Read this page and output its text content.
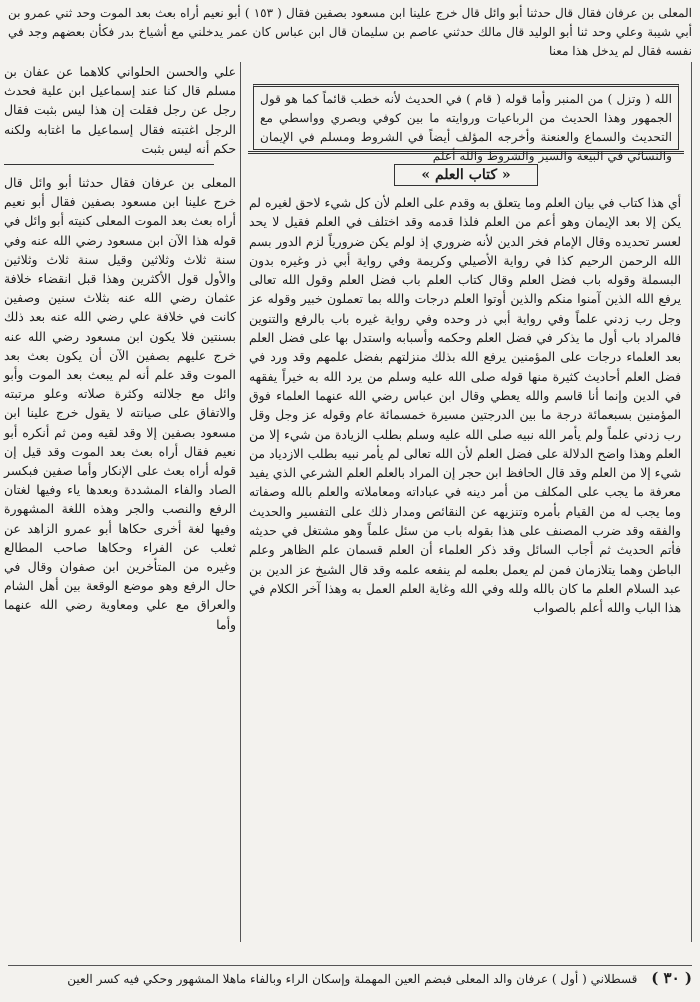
المعلى بن عرفان فقال قال حدثنا أبو وائل قال خرج علينا ابن مسعود بصفين فقال ( ١٥٣ ) أبو نعيم أراه بعث بعد الموت وحد ثني عمرو بن أبي شيبة وعلي وحد ثنا أبو الوليد قال مالك حدثني عاصم بن سليمان قال ابن عباس كان عمر يدخلني مع أشياخ بدر فكأن بعضهم وجد في نفسه فقال لم يدخل هذا معنا

علي والحسن الحلواني كلاهما عن عفان بن مسلم قال كنا عند إسماعيل ابن علية فحدث رجل عن رجل فقلت إن هذا ليس بثبت فقال الرجل اغتبته فقال إسماعيل ما اغتابه ولكنه حكم أنه ليس بثبت

المعلى بن عرفان فقال حدثنا أبو وائل قال خرج علينا ابن مسعود بصفين فقال أبو نعيم أراه بعث بعد الموت المعلى كنيته أبو وائل في قوله هذا الآن ابن مسعود رضي الله عنه وفي سنة ثلاث وثلاثين وقيل سنة ثلاث وثلاثين والأول قول الأكثرين وهذا قبل انقضاء خلافة عثمان رضي الله عنه بثلاث سنين وصفين كانت في خلافة علي رضي الله عنه بعد ذلك بسنتين فلا يكون ابن مسعود رضي الله عنه خرج عليهم بصفين الآن أن يكون بعث بعد الموت وقد علم أنه لم يبعث بعد الموت وأبو وائل مع جلالته وكثرة صلاته وعلو مرتبته والاتفاق على صيانته لا يقول خرج علينا ابن مسعود بصفين إلا وقد لقيه ومن ثم أنكره أبو نعيم فقال أراه بعث بعد الموت وقد قيل إن قوله أراه بعث على الإنكار وأما صفين فبكسر الصاد والفاء المشددة وبعدها ياء وفيها لغتان الرفع والنصب والجر وهذه اللغة المشهورة وفيها لغة أخرى حكاها أبو عمرو الزاهد عن ثعلب عن الفراء وحكاها صاحب المطالع وغيره من المتأخرين ابن صفوان وقال في حال الرفع وهو موضع الوقعة بين أهل الشام والعراق مع علي ومعاوية رضي الله عنهما وأما

الله ( وتزل ) من المنبر وأما قوله ( قام ) في الحديث لأنه خطب قائماً كما هو قول الجمهور وهذا الحديث من الرباعيات وروايته ما بين كوفي وبصري وواسطي مع التحديث والسماع والعنعنة وأخرجه المؤلف أيضاً في الشروط ومسلم في الإيمان والنسائي في البيعة والسير والشروط والله أعلم
« كتاب العلم »
أي هذا كتاب في بيان العلم وما يتعلق به وقدم على العلم لأن كل شيء لاحق لغيره لم يكن إلا بعد الإيمان وهو أعم من العلم فلذا قدمه وقد اختلف في العلم فقيل لا يحد لعسر تحديده وقال الإمام فخر الدين لأنه ضروري إذ لولم يكن ضرورياً لزم الدور بسم الله الرحمن الرحيم كذا في رواية الأصيلي وكريمة وفي رواية أبي ذر وغيره بدون البسملة وقوله باب فضل العلم وقال كتاب العلم باب فضل العلم وقول الله تعالى يرفع الله الذين آمنوا منكم والذين أوتوا العلم درجات والله بما تعملون خبير وقوله عز وجل رب زدني علماً وفي رواية أبي ذر وحده وفي رواية غيره باب بالرفع والتنوين فالمراد باب أول ما يذكر في فضل العلم وحكمه وأسبابه واستدل بها على فضل العلم بعد العلماء درجات على المؤمنين يرفع الله بذلك منزلتهم بفضل علمهم وقد ورد في فضل العلم أحاديث كثيرة منها قوله صلى الله عليه وسلم من يرد الله به خيراً يفقهه في الدين وإنما أنا قاسم والله يعطي وقال ابن عباس رضي الله عنهما العلماء فوق المؤمنين بسبعمائة درجة ما بين الدرجتين مسيرة خمسمائة عام وقوله عز وجل وقل رب زدني علماً ولم يأمر الله نبيه صلى الله عليه وسلم بطلب الزيادة من شيء إلا من العلم وهذا واضح الدلالة على فضل العلم لأن الله تعالى لم يأمر نبيه بطلب الازدياد من شيء إلا من العلم وقد قال الحافظ ابن حجر إن المراد بالعلم العلم الشرعي الذي يفيد معرفة ما يجب على المكلف من أمر دينه في عباداته ومعاملاته والعلم بالله وصفاته وما يجب له من القيام بأمره وتنزيهه عن النقائص ومدار ذلك على التفسير والحديث والفقه وقد ضرب المصنف على هذا بقوله باب من سئل علماً وهو مشتغل في حديثه فأتم الحديث ثم أجاب السائل وقد ذكر العلماء أن العلم قسمان علم الظاهر وعلم الباطن وهما يتلازمان فمن لم يعمل بعلمه لم ينفعه علمه وقد قال الشيخ عز الدين بن عبد السلام العلم ما كان بالله ولله وفي الله وغاية العلم العمل به وهذا آخر الكلام في هذا الباب والله أعلم بالصواب
( ٣٠ ) قسطلاني ( أول ) عرفان والد المعلى فبضم العين المهملة وإسكان الراء وبالفاء ماهلا المشهور وحكي فيه كسر العين
